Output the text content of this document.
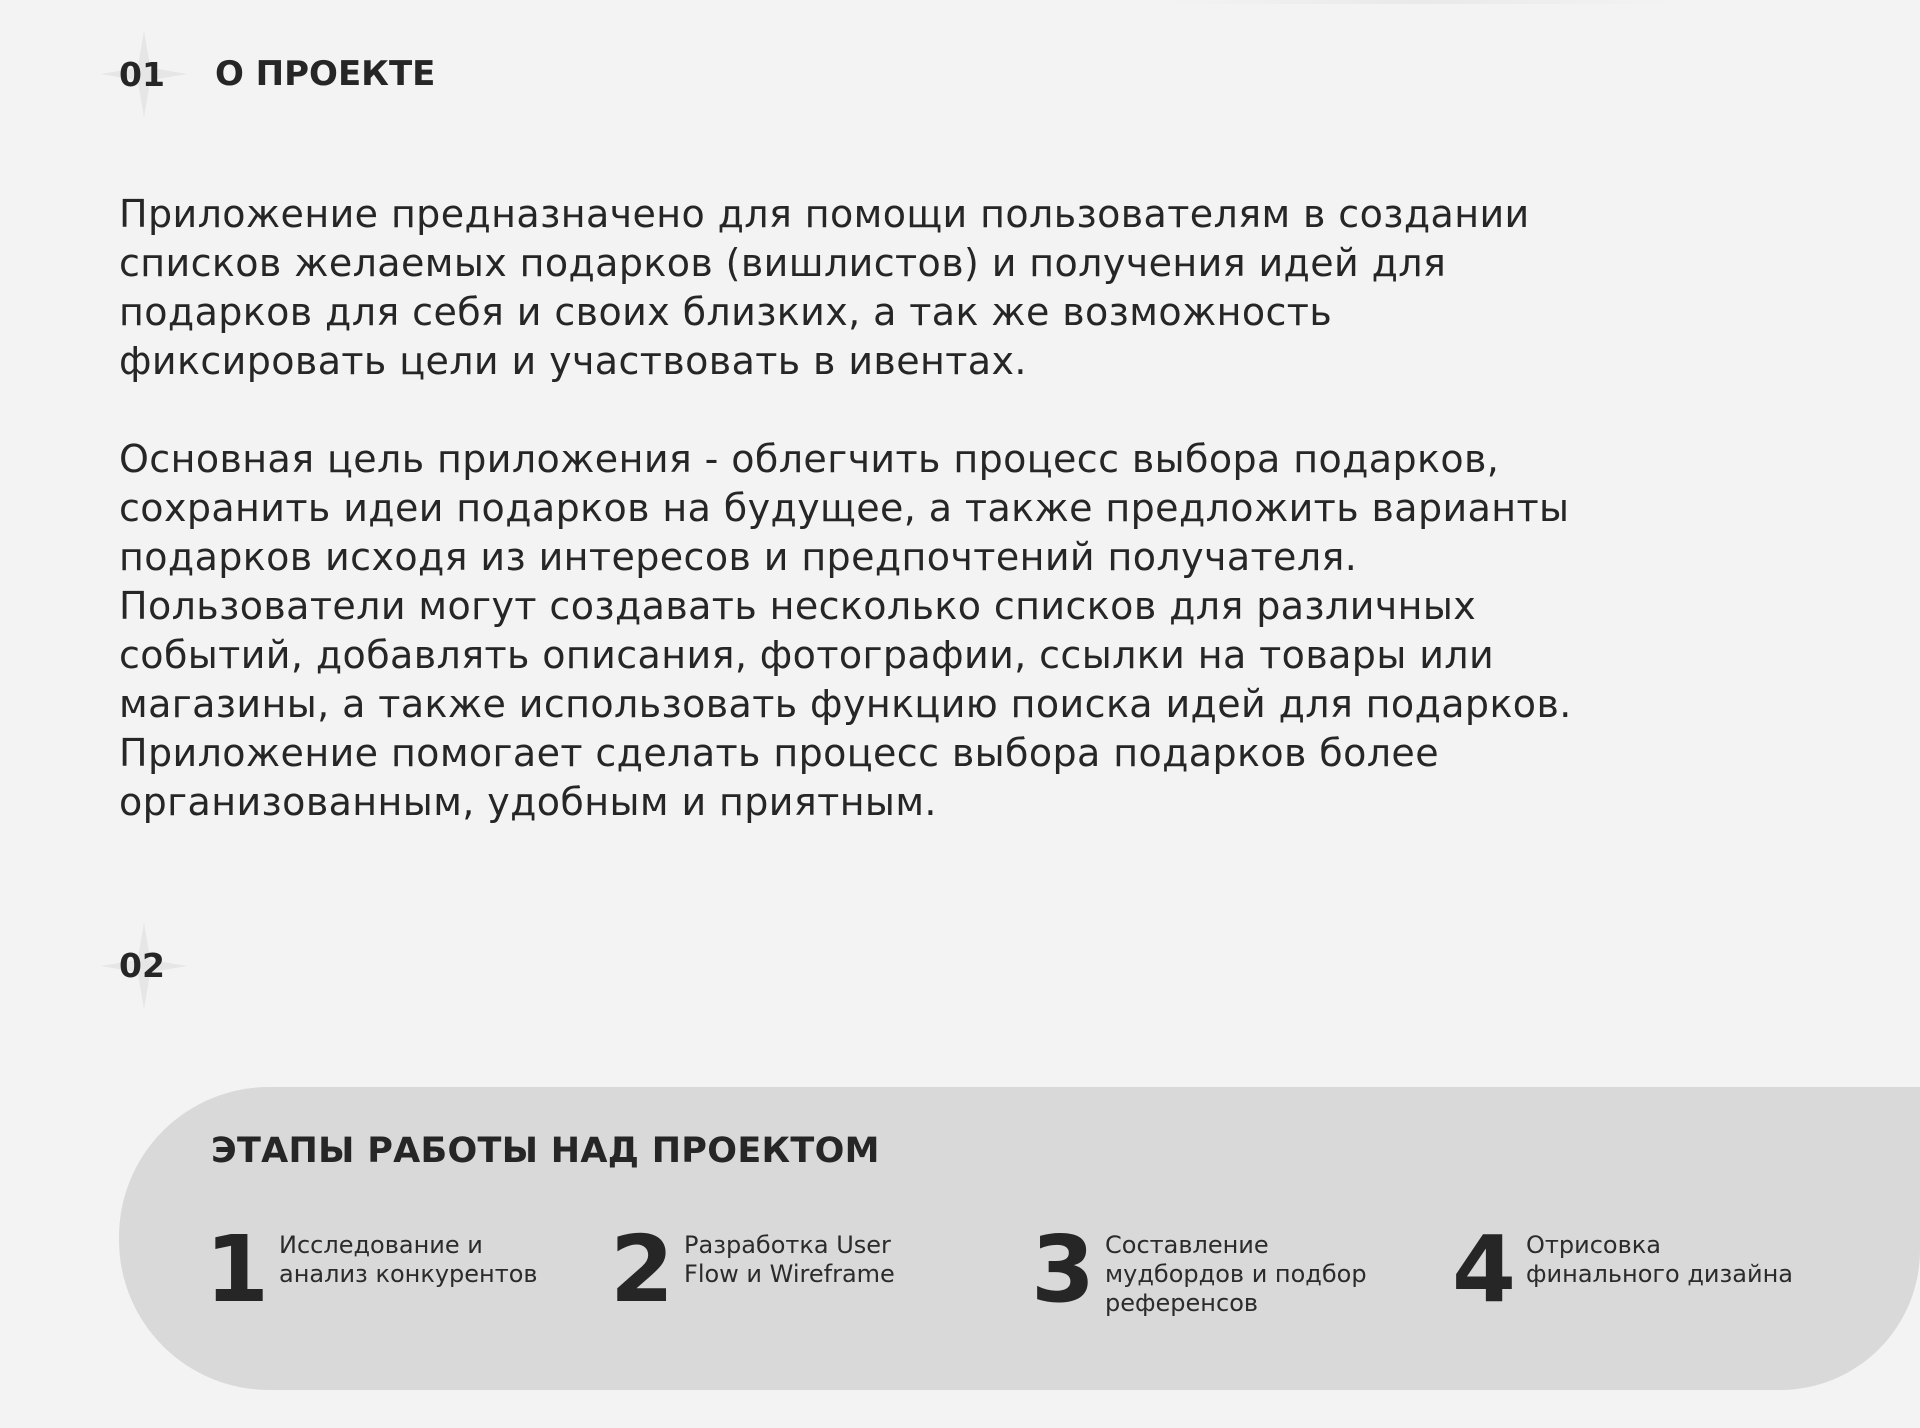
01 О ПРОЕКТЕ

Приложение предназначено для помощи пользователям в создании
списков желаемых подарков (вишлистов) и получения идей для
подарков для себя и своих близких, а так же возможность
фиксировать цели и участвовать в ивентах.

Основная цель приложения - облегчить процесс выбора подарков,
сохранить идеи подарков на будущее, а также предложить варианты
подарков исходя из интересов и предпочтений получателя.
Пользователи могут создавать несколько списков для различных
событий, добавлять описания, фотографии, ссылки на товары или
магазины, а также использовать функцию поиска идей для подарков.
Приложение помогает сделать процесс выбора подарков более
организованным, удобным и приятным.

02
ЭТАПЫ РАБОТЫ НАД ПРОЕКТОМ
1 Исследование и
анализ конкурентов 2 Разработка User
Flow и Wireframe	3 Составление
мудбордов и подбор
референсов	4 Отрисовка
финального дизайна
